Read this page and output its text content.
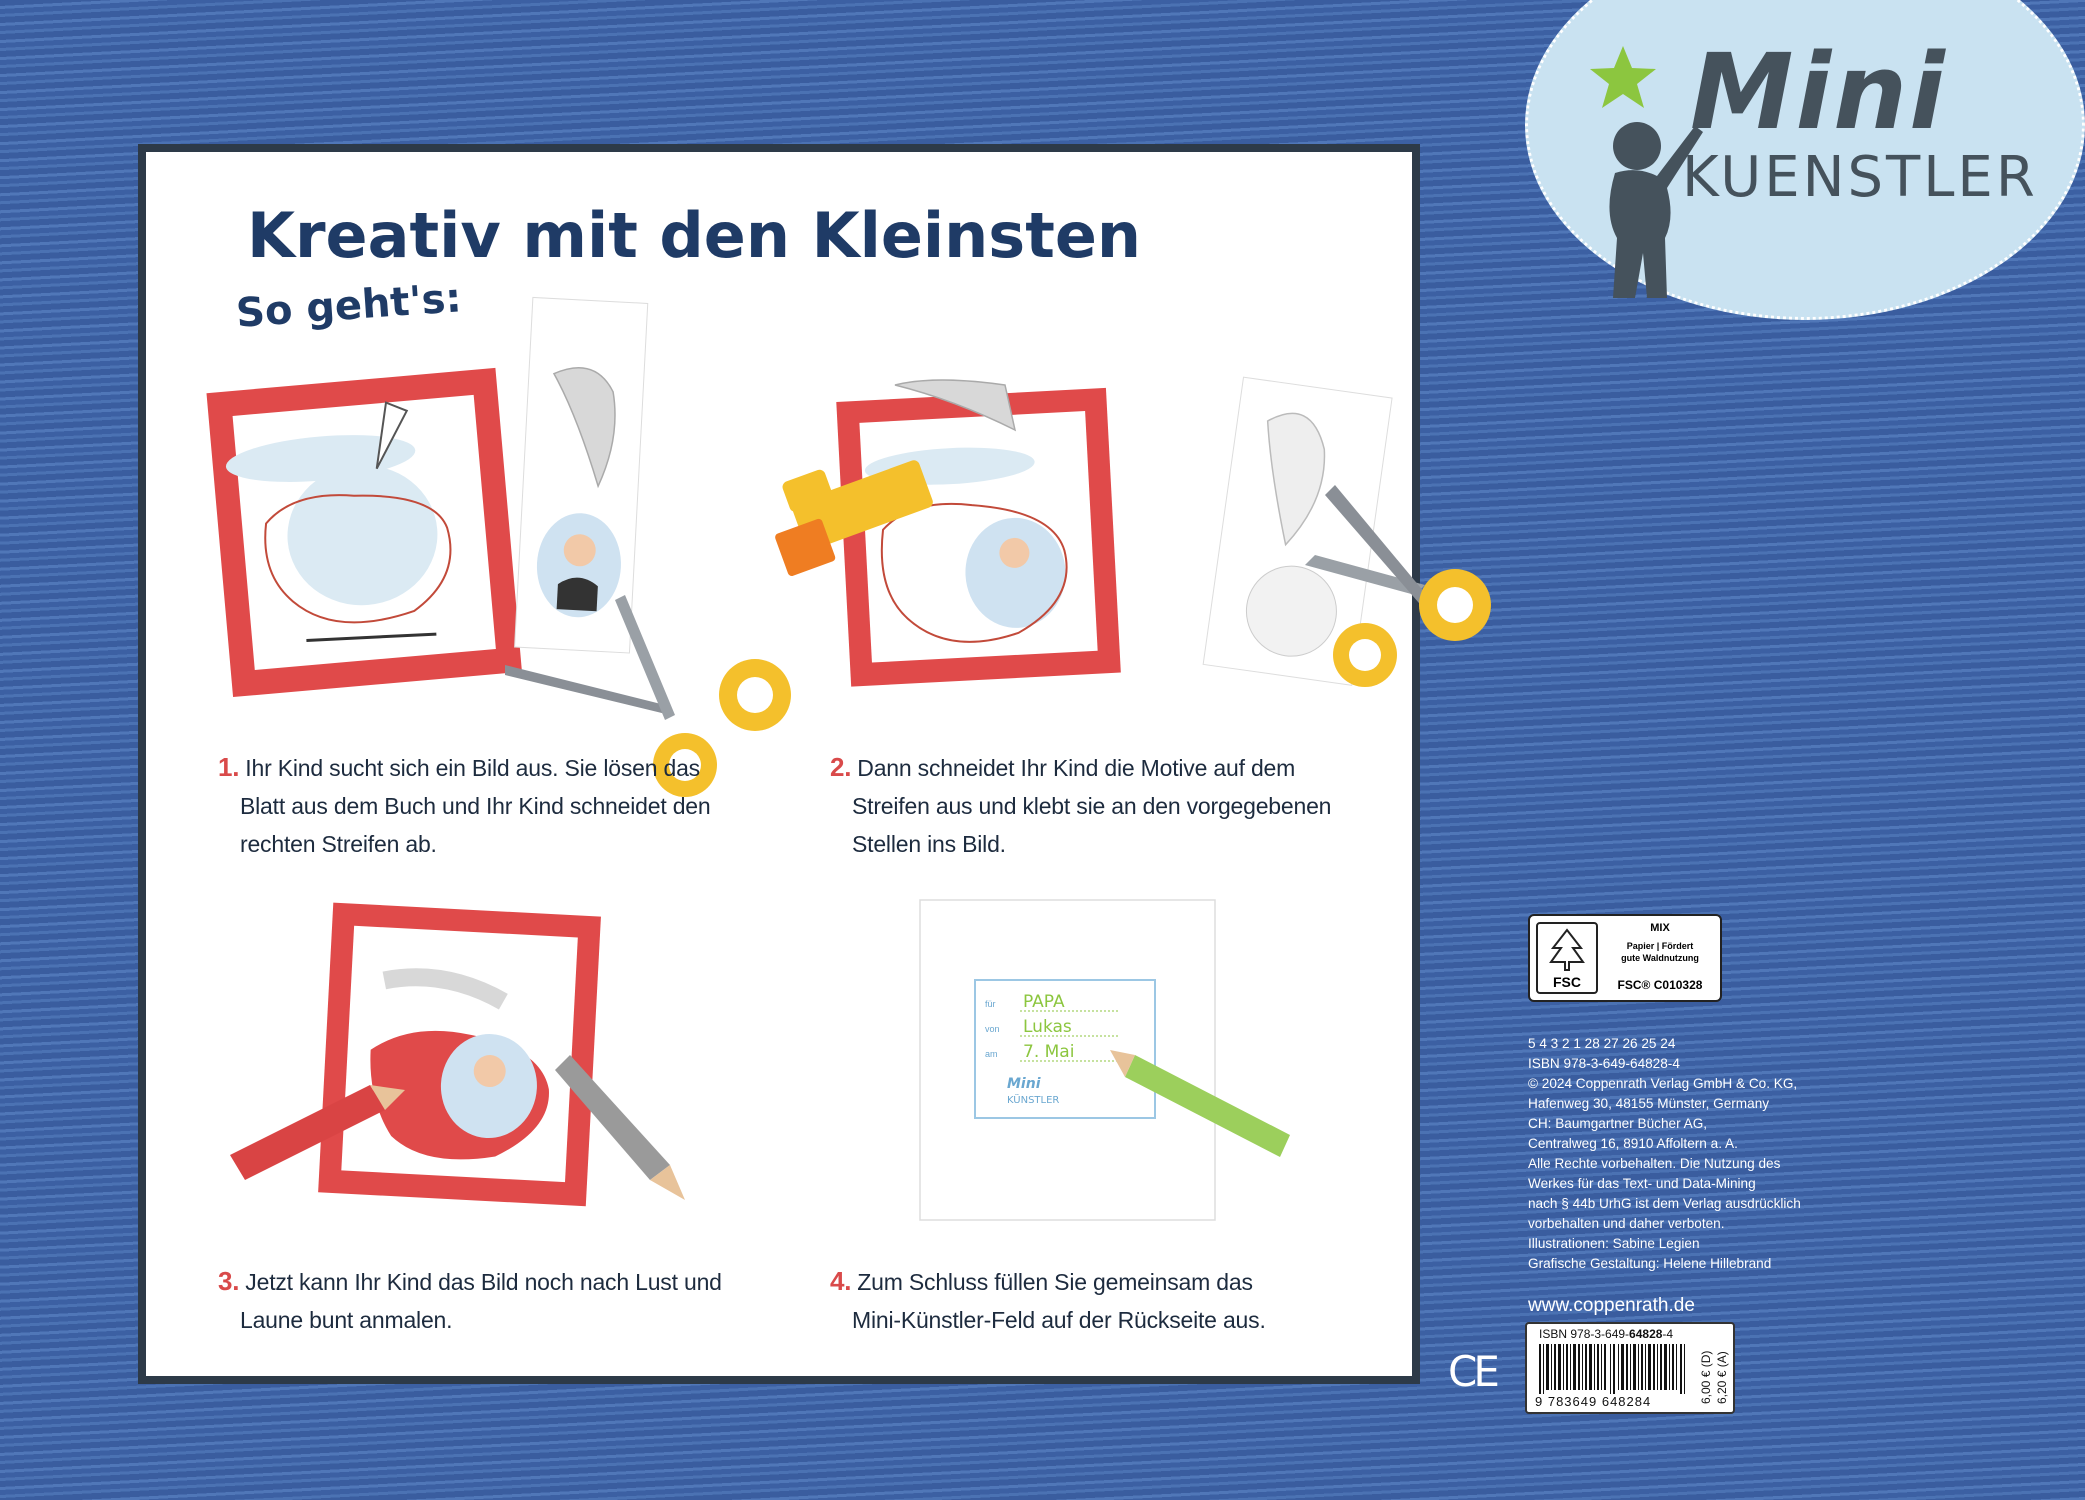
Mini
KUENSTLER
Kreativ mit den Kleinsten
So geht's:
1. Ihr Kind sucht sich ein Bild aus. Sie lösen das
Blatt aus dem Buch und Ihr Kind schneidet den
rechten Streifen ab.
2. Dann schneidet Ihr Kind die Motive auf dem
Streifen aus und klebt sie an den vorgegebenen
Stellen ins Bild.
für PAPA
von Lukas
am 7. Mai
Mini
KÜNSTLER
3. Jetzt kann Ihr Kind das Bild noch nach Lust und
Laune bunt anmalen.
4. Zum Schluss füllen Sie gemeinsam das
Mini-Künstler-Feld auf der Rückseite aus.
FSC
MIX
Papier | Fördert
gute Waldnutzung
FSC® C010328
5 4 3 2 1 28 27 26 25 24
ISBN 978-3-649-64828-4
© 2024 Coppenrath Verlag GmbH & Co. KG,
Hafenweg 30, 48155 Münster, Germany
CH: Baumgartner Bücher AG,
Centralweg 16, 8910 Affoltern a. A.
Alle Rechte vorbehalten. Die Nutzung des
Werkes für das Text- und Data-Mining
nach § 44b UrhG ist dem Verlag ausdrücklich
vorbehalten und daher verboten.
Illustrationen: Sabine Legien
Grafische Gestaltung: Helene Hillebrand
www.coppenrath.de
CE
ISBN 978-3-649-64828-4
9 783649 648284	6,00 € (D) 6,20 € (A)
